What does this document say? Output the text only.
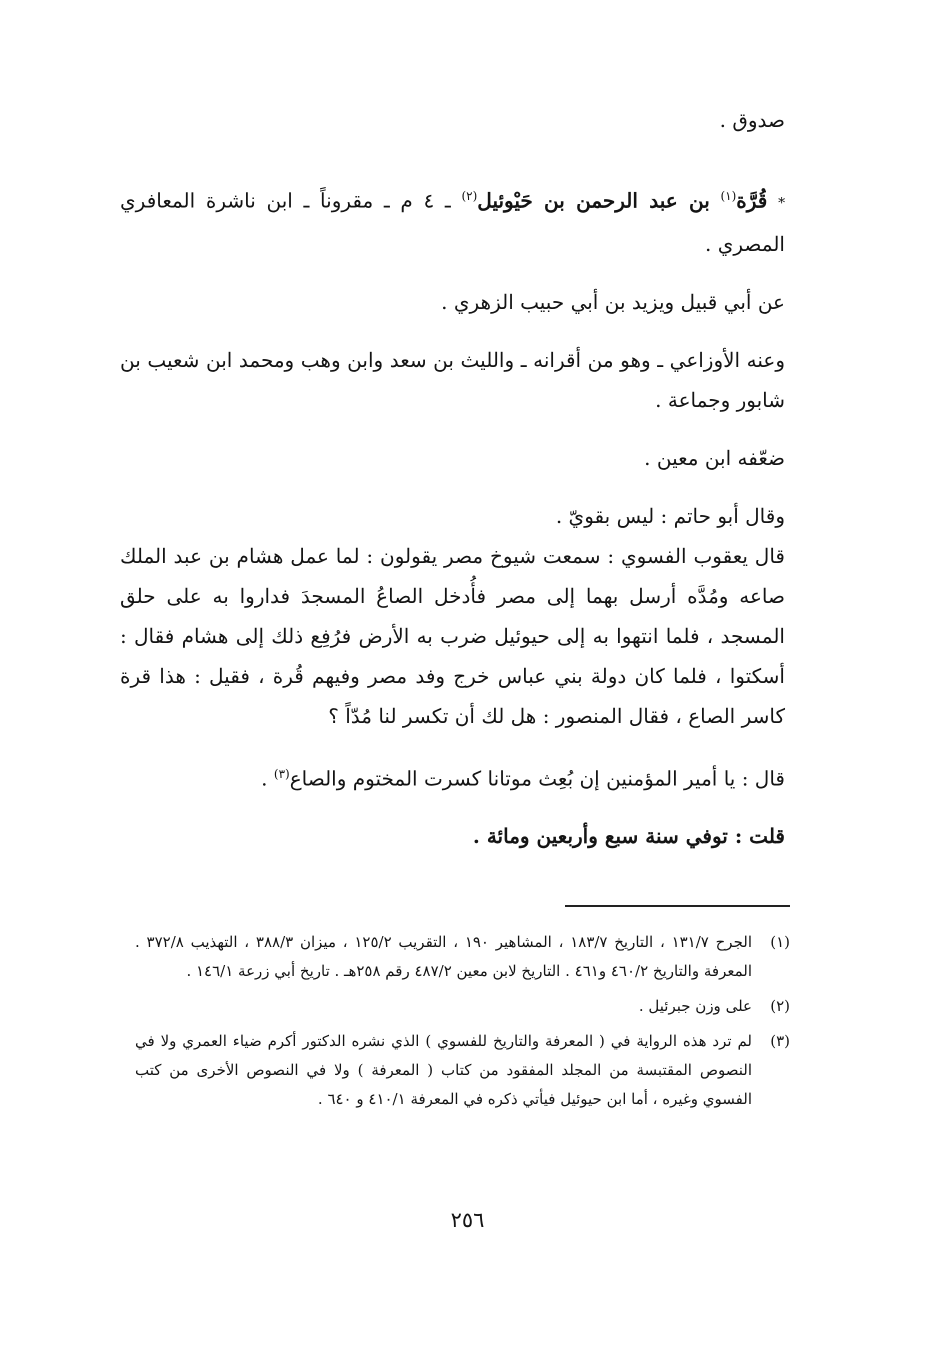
صدوق .

* قُرَّة$^{(١)}$ بن عبد الرحمن بن حَيْوئيل$^{(٢)}$ ـ ٤ م ـ مقروناً ـ ابن ناشرة المعافري المصري .

عن أبي قبيل ويزيد بن أبي حبيب الزهري .

وعنه الأوزاعي ـ وهو من أقرانه ـ والليث بن سعد وابن وهب ومحمد ابن شعيب بن شابور وجماعة .

ضعّفه ابن معين .

وقال أبو حاتم : ليس بقويّ .

قال يعقوب الفسوي : سمعت شيوخ مصر يقولون : لما عمل هشام بن عبد الملك صاعه ومُدَّه أرسل بهما إلى مصر فأُدخل الصاعُ المسجدَ فداروا به على حلق المسجد ، فلما انتهوا به إلى حيوئيل ضرب به الأرض فرُفِع ذلك إلى هشام فقال : أسكتوا ، فلما كان دولة بني عباس خرج وفد مصر وفيهم قُرة ، فقيل : هذا قرة كاسر الصاع ، فقال المنصور : هل لك أن تكسر لنا مُدّاً ؟

قال : يا أمير المؤمنين إن بُعِث موتانا كسرت المختوم والصاع$^{(٣)}$ .

قلت : توفي سنة سبع وأربعين ومائة .

(١)
الجرح ١٣١/٧ ، التاريخ ١٨٣/٧ ، المشاهير ١٩٠ ، التقريب ١٢٥/٢ ، ميزان ٣٨٨/٣ ، التهذيب ٣٧٢/٨ . المعرفة والتاريخ ٤٦٠/٢ و٤٦١ . التاريخ لابن معين ٤٨٧/٢ رقم ٢٥٨هـ . تاريخ أبي زرعة ١٤٦/١ .
(٢)
على وزن جبرئيل .
(٣)
لم ترد هذه الرواية في ( المعرفة والتاريخ للفسوي ) الذي نشره الدكتور أكرم ضياء العمري ولا في النصوص المقتبسة من المجلد المفقود من كتاب ( المعرفة ) ولا في النصوص الأخرى من كتب الفسوي وغيره ، أما ابن حيوئيل فيأتي ذكره في المعرفة ٤١٠/١ و ٦٤٠ .
٢٥٦
